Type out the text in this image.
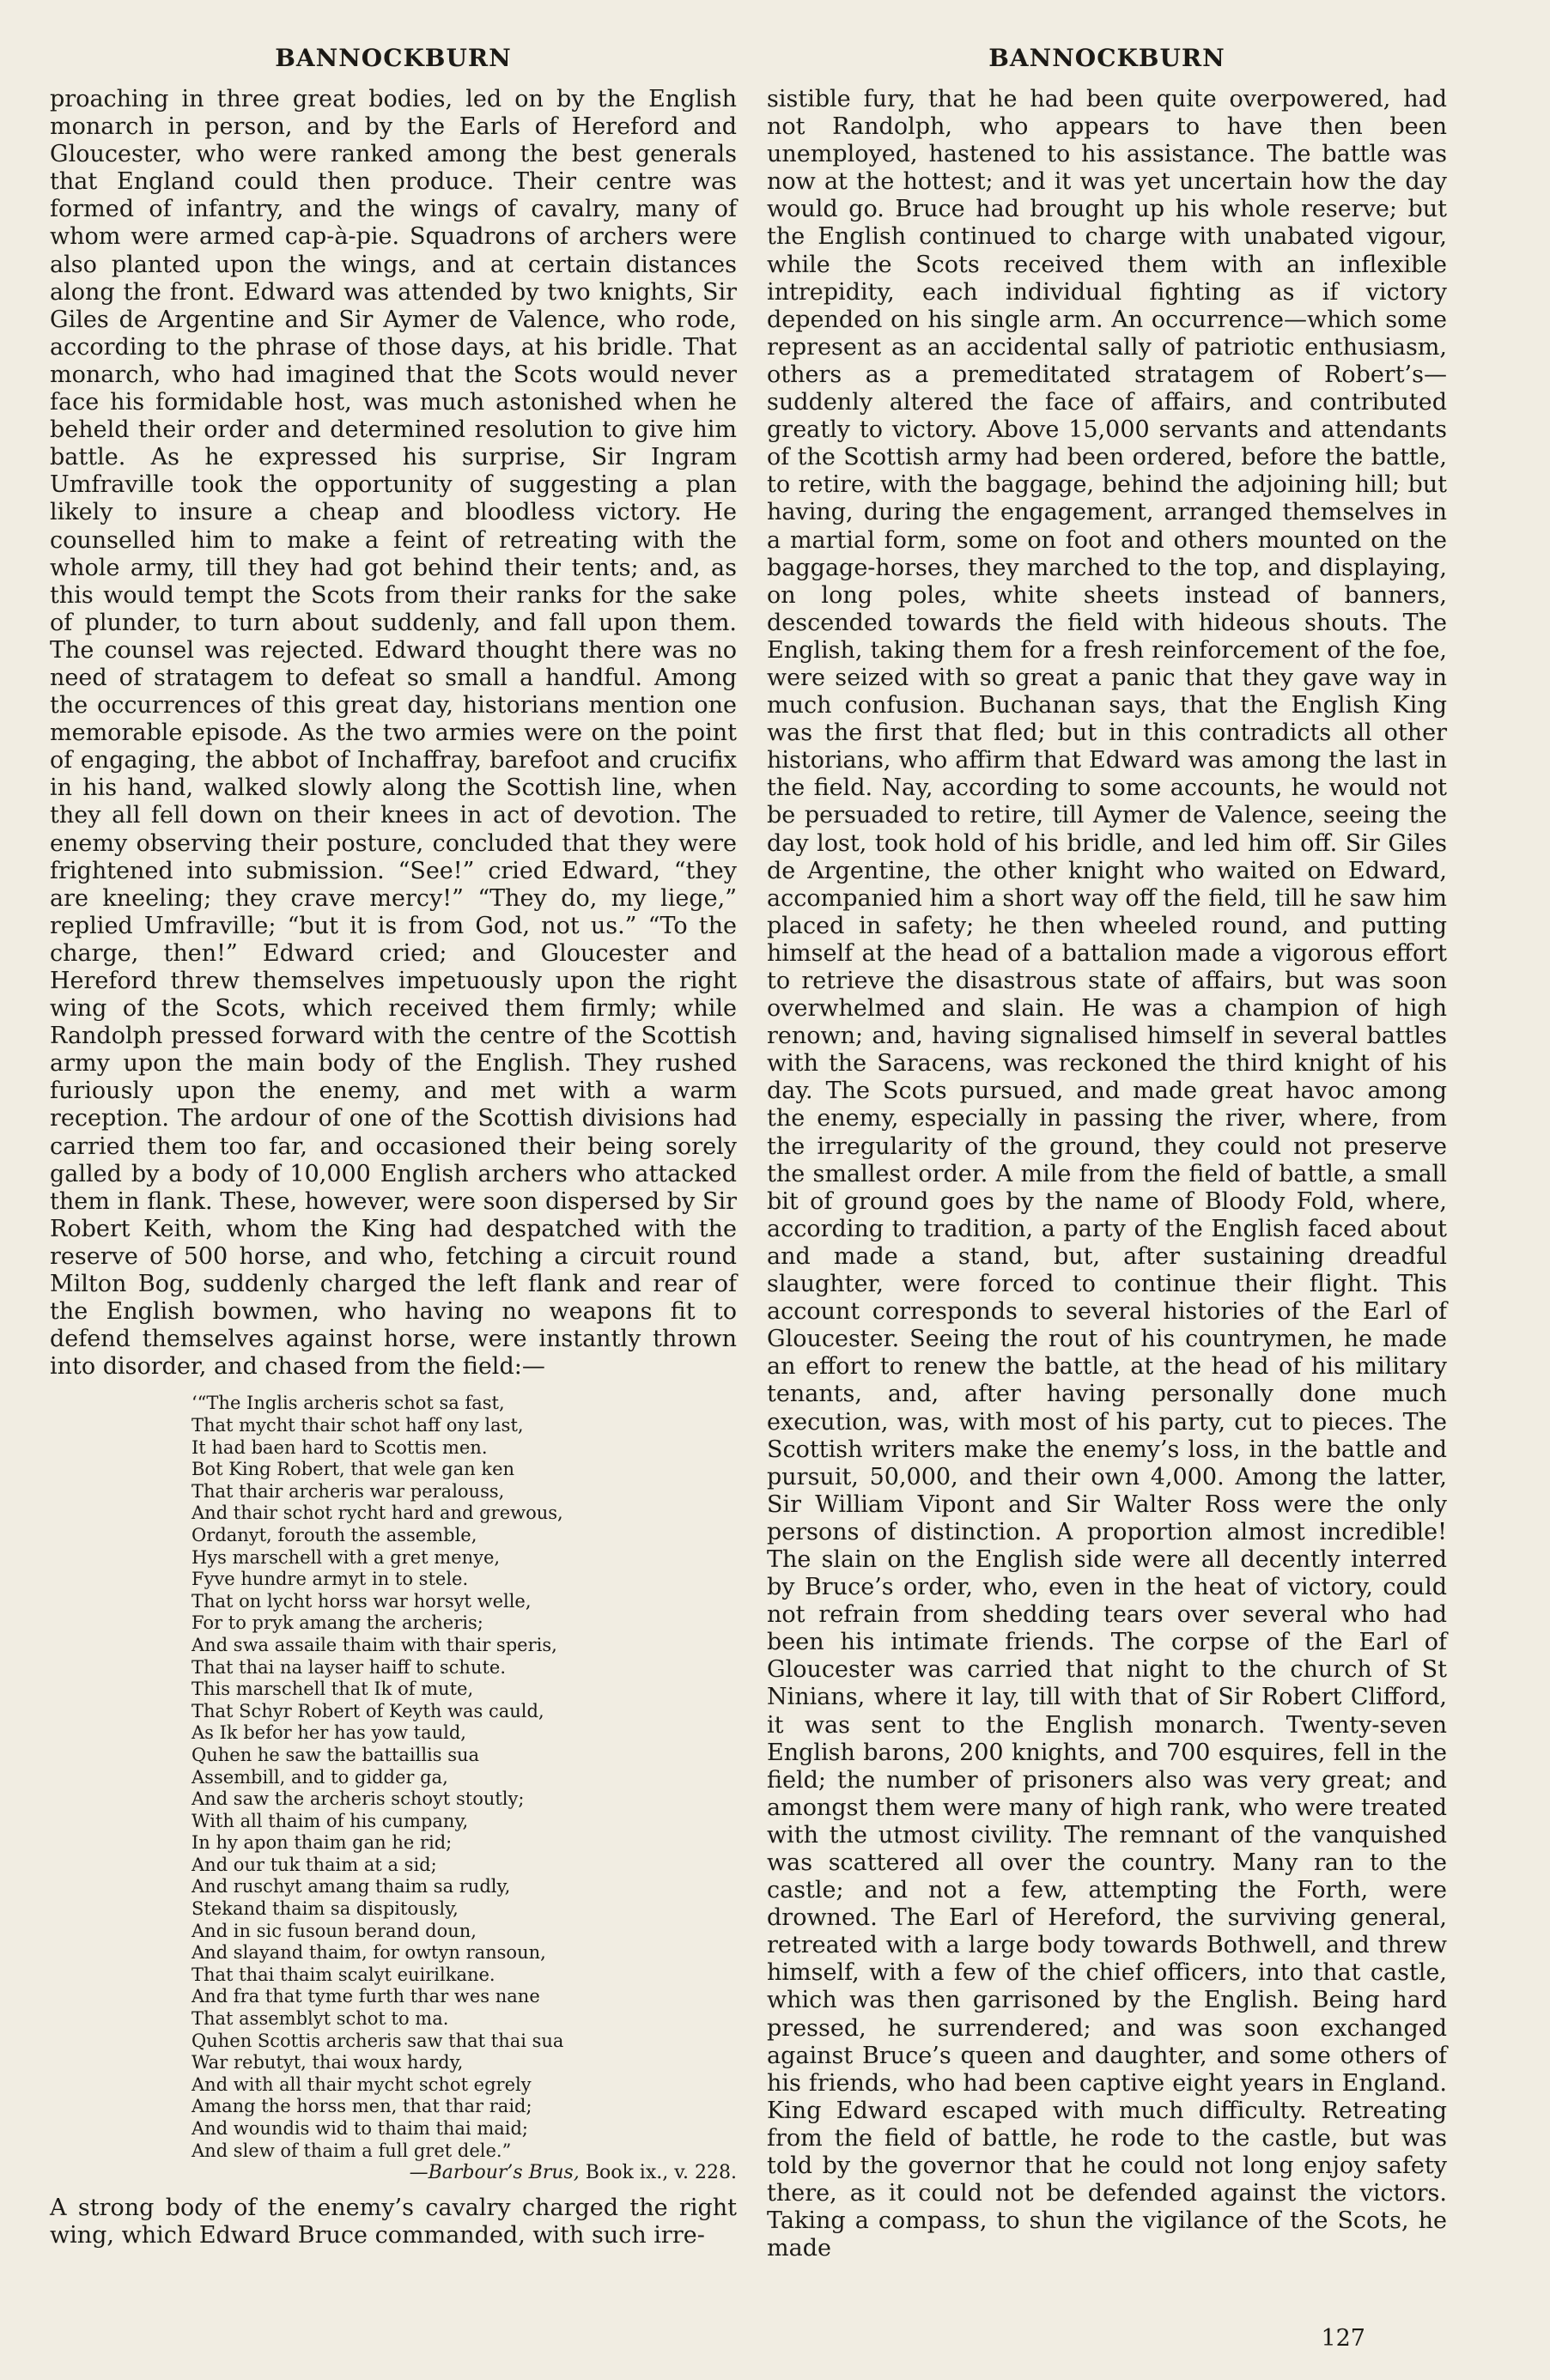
BANNOCKBURN

proaching in three great bodies, led on by the English monarch in person, and by the Earls of Hereford and Gloucester, who were ranked among the best generals that England could then produce. Their centre was formed of infantry, and the wings of cavalry, many of whom were armed cap-à-pie. Squadrons of archers were also planted upon the wings, and at certain distances along the front. Edward was attended by two knights, Sir Giles de Argentine and Sir Aymer de Valence, who rode, according to the phrase of those days, at his bridle. That monarch, who had imagined that the Scots would never face his formidable host, was much astonished when he beheld their order and determined resolution to give him battle. As he expressed his surprise, Sir Ingram Umfraville took the opportunity of suggesting a plan likely to insure a cheap and bloodless victory. He counselled him to make a feint of retreating with the whole army, till they had got behind their tents; and, as this would tempt the Scots from their ranks for the sake of plunder, to turn about suddenly, and fall upon them. The counsel was rejected. Edward thought there was no need of stratagem to defeat so small a handful. Among the occurrences of this great day, historians mention one memorable episode. As the two armies were on the point of engaging, the abbot of Inchaffray, barefoot and crucifix in his hand, walked slowly along the Scottish line, when they all fell down on their knees in act of devotion. The enemy observing their posture, concluded that they were frightened into submission. “See!” cried Edward, “they are kneeling; they crave mercy!” “They do, my liege,” replied Umfraville; “but it is from God, not us.” “To the charge, then!” Edward cried; and Gloucester and Hereford threw themselves impetuously upon the right wing of the Scots, which received them firmly; while Randolph pressed forward with the centre of the Scottish army upon the main body of the English. They rushed furiously upon the enemy, and met with a warm reception. The ardour of one of the Scottish divisions had carried them too far, and occasioned their being sorely galled by a body of 10,000 English archers who attacked them in flank. These, however, were soon dispersed by Sir Robert Keith, whom the King had despatched with the reserve of 500 horse, and who, fetching a circuit round Milton Bog, suddenly charged the left flank and rear of the English bowmen, who having no weapons fit to defend themselves against horse, were instantly thrown into disorder, and chased from the field:—

‘“The Inglis archeris schot sa fast,
That mycht thair schot haff ony last,
It had baen hard to Scottis men.
Bot King Robert, that wele gan ken
That thair archeris war peralouss,
And thair schot rycht hard and grewous,
Ordanyt, forouth the assemble,
Hys marschell with a gret menye,
Fyve hundre armyt in to stele.
That on lycht horss war horsyt welle,
For to pryk amang the archeris;
And swa assaile thaim with thair speris,
That thai na layser haiff to schute.
This marschell that Ik of mute,
That Schyr Robert of Keyth was cauld,
As Ik befor her has yow tauld,
Quhen he saw the battaillis sua
Assembill, and to gidder ga,
And saw the archeris schoyt stoutly;
With all thaim of his cumpany,
In hy apon thaim gan he rid;
And our tuk thaim at a sid;
And ruschyt amang thaim sa rudly,
Stekand thaim sa dispitously,
And in sic fusoun berand doun,
And slayand thaim, for owtyn ransoun,
That thai thaim scalyt euirilkane.
And fra that tyme furth thar wes nane
That assemblyt schot to ma.
Quhen Scottis archeris saw that thai sua
War rebutyt, thai woux hardy,
And with all thair mycht schot egrely
Amang the horss men, that thar raid;
And woundis wid to thaim thai maid;
And slew of thaim a full gret dele.”
—Barbour’s Brus, Book ix., v. 228.

A strong body of the enemy’s cavalry charged the right wing, which Edward Bruce commanded, with such irre-

BANNOCKBURN

sistible fury, that he had been quite overpowered, had not Randolph, who appears to have then been unemployed, hastened to his assistance. The battle was now at the hottest; and it was yet uncertain how the day would go. Bruce had brought up his whole reserve; but the English continued to charge with unabated vigour, while the Scots received them with an inflexible intrepidity, each individual fighting as if victory depended on his single arm. An occurrence—which some represent as an accidental sally of patriotic enthusiasm, others as a premeditated stratagem of Robert’s—suddenly altered the face of affairs, and contributed greatly to victory. Above 15,000 servants and attendants of the Scottish army had been ordered, before the battle, to retire, with the baggage, behind the adjoining hill; but having, during the engagement, arranged themselves in a martial form, some on foot and others mounted on the baggage-horses, they marched to the top, and displaying, on long poles, white sheets instead of banners, descended towards the field with hideous shouts. The English, taking them for a fresh reinforcement of the foe, were seized with so great a panic that they gave way in much confusion. Buchanan says, that the English King was the first that fled; but in this contradicts all other historians, who affirm that Edward was among the last in the field. Nay, according to some accounts, he would not be persuaded to retire, till Aymer de Valence, seeing the day lost, took hold of his bridle, and led him off. Sir Giles de Argentine, the other knight who waited on Edward, accompanied him a short way off the field, till he saw him placed in safety; he then wheeled round, and putting himself at the head of a battalion made a vigorous effort to retrieve the disastrous state of affairs, but was soon overwhelmed and slain. He was a champion of high renown; and, having signalised himself in several battles with the Saracens, was reckoned the third knight of his day. The Scots pursued, and made great havoc among the enemy, especially in passing the river, where, from the irregularity of the ground, they could not preserve the smallest order. A mile from the field of battle, a small bit of ground goes by the name of Bloody Fold, where, according to tradition, a party of the English faced about and made a stand, but, after sustaining dreadful slaughter, were forced to continue their flight. This account corresponds to several histories of the Earl of Gloucester. Seeing the rout of his countrymen, he made an effort to renew the battle, at the head of his military tenants, and, after having personally done much execution, was, with most of his party, cut to pieces. The Scottish writers make the enemy’s loss, in the battle and pursuit, 50,000, and their own 4,000. Among the latter, Sir William Vipont and Sir Walter Ross were the only persons of distinction. A proportion almost incredible! The slain on the English side were all decently interred by Bruce’s order, who, even in the heat of victory, could not refrain from shedding tears over several who had been his intimate friends. The corpse of the Earl of Gloucester was carried that night to the church of St Ninians, where it lay, till with that of Sir Robert Clifford, it was sent to the English monarch. Twenty-seven English barons, 200 knights, and 700 esquires, fell in the field; the number of prisoners also was very great; and amongst them were many of high rank, who were treated with the utmost civility. The remnant of the vanquished was scattered all over the country. Many ran to the castle; and not a few, attempting the Forth, were drowned. The Earl of Hereford, the surviving general, retreated with a large body towards Bothwell, and threw himself, with a few of the chief officers, into that castle, which was then garrisoned by the English. Being hard pressed, he surrendered; and was soon exchanged against Bruce’s queen and daughter, and some others of his friends, who had been captive eight years in England. King Edward escaped with much difficulty. Retreating from the field of battle, he rode to the castle, but was told by the governor that he could not long enjoy safety there, as it could not be defended against the victors. Taking a compass, to shun the vigilance of the Scots, he made

127
